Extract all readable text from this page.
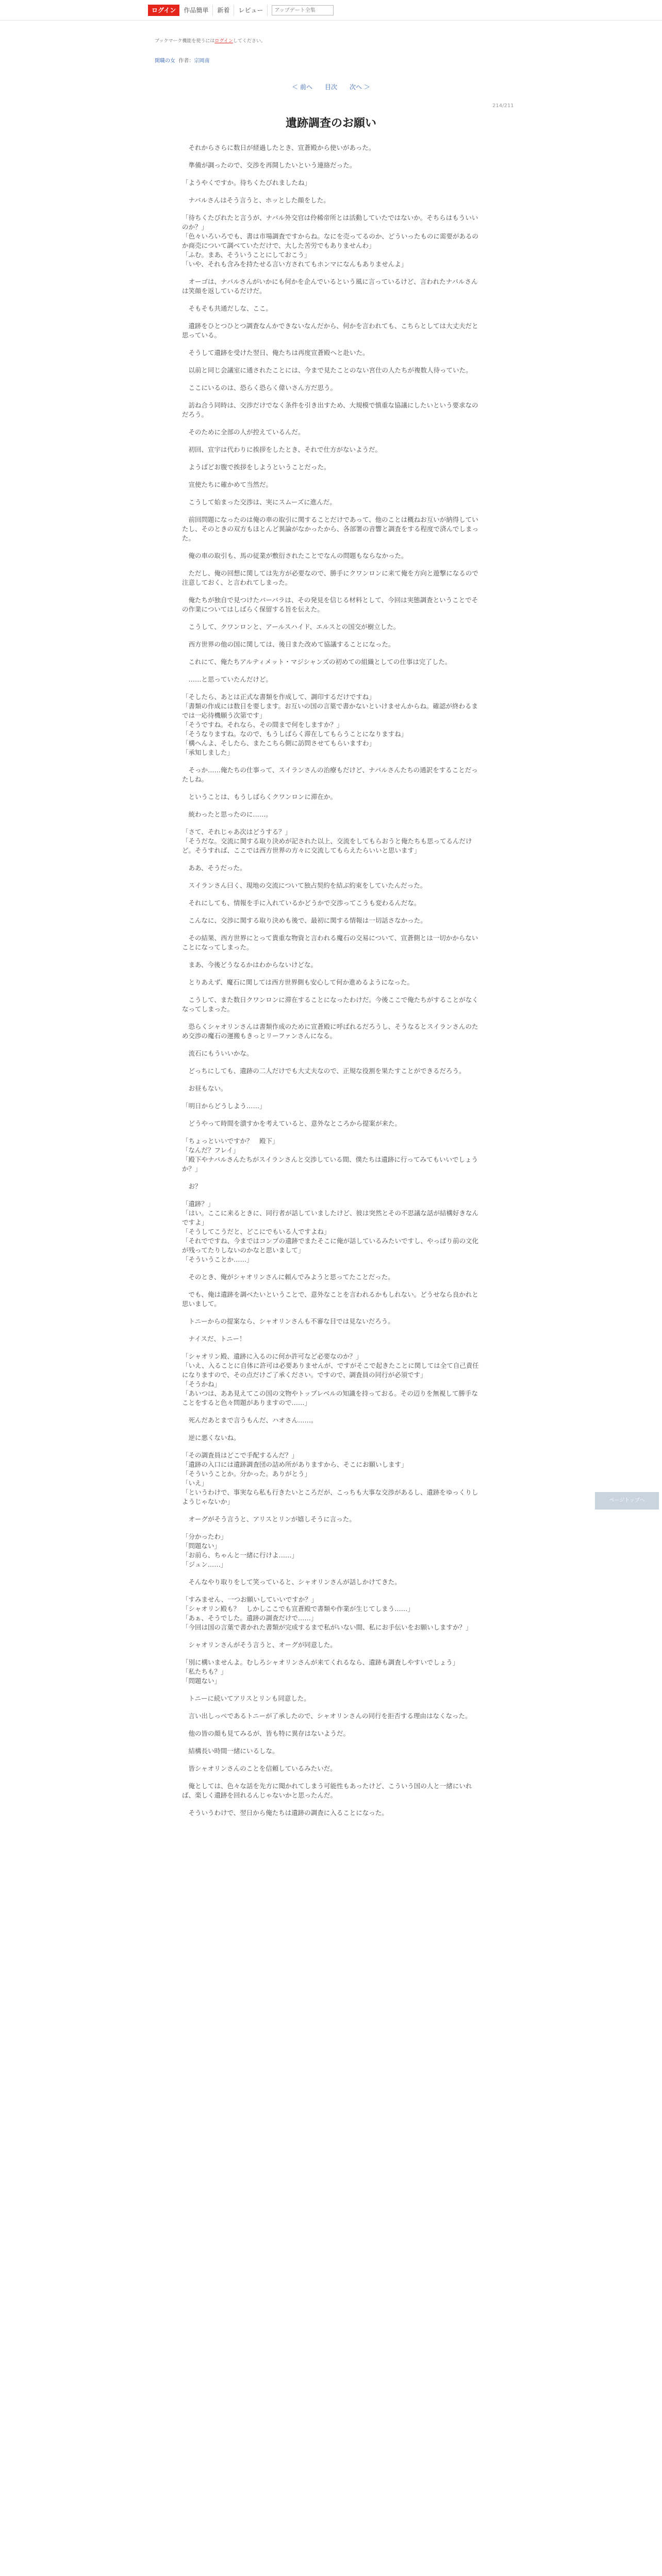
ログイン	作品簡単	新着	レビュー
アップデート全集
ブックマーク機能を使うにはログインしてください。
閑職の女 作者：宗岡南
＜ 前へ 目次 次へ ＞
214/211
遺跡調査のお願い

　それからさらに数日が経過したとき、宣蒼殿から使いがあった。

　準備が調ったので、交渉を再開したいという連絡だった。

「ようやくですか。待ちくたびれましたね」

　ナバルさんはそう言うと、ホッとした顔をした。

「待ちくたびれたと言うが、ナバル外交官は伶稀帝所とは活動していたではないか。そちらはもういいのか？」
「色々いろいろでも、書は市場調査ですからね。なにを売ってるのか、どういったものに需要があるのか商売について調べていただけで、大した苦労でもありませんわ」
「ふむ。まあ、そういうことにしておこう」
「いや、それも含みを持たせる言い方されてもホンマになんもありませんよ」

　オーゴは、ナバルさんがいかにも何かを企んでいるという風に言っているけど、言われたナバルさんは笑顔を返しているだけだ。

　そもそも共通だしな、ここ。

　遺跡をひとつひとつ調査なんかできないなんだから、何かを言われても、こちらとしては大丈夫だと思っている。

　そうして遺跡を受けた翌日、俺たちは再度宣蒼殿へと赴いた。

　以前と同じ会議室に通されたことには、今まで見たことのない宮仕の人たちが複数人待っていた。

　ここにいるのは、恐らく恐らく偉いさん方だ思う。

　訪ね合う同時は、交渉だけでなく条件を引き出すため、大規模で慎重な協議にしたいという要求なのだろう。

　そのために全部の人が控えているんだ。

　初回、宣宇は代わりに挨拶をしたとき、それで仕方がないようだ。

　ようばどお腹で挨拶をしようということだった。

　宣使たちに確かめて当然だ。

　こうして始まった交渉は、実にスムーズに進んだ。

　前回問題になったのは俺の車の取引に関することだけであって、他のことは概ねお互いが納得していたし、そのときの双方もほとんど異論がなかったから、各部署の音響と調査をする程度で済んでしまった。

　俺の車の取引も、馬の従業が敷衍されたことでなんの問題もならなかった。

　ただし、俺の回想に関しては先方が必要なので、勝手にクワンロンに来て俺を方向と遊撃になるので注意しておく、と言われてしまった。

　俺たちが独自で見つけたバーバラは、その発見を信じる材料として、今回は実態調査ということでその作業についてはしばらく保留する旨を伝えた。

　こうして、クワンロンと、アールスハイド、エルスとの国交が樹立した。

　西方世界の他の国に関しては、後日また改めて協議することになった。

　これにて、俺たちアルティメット・マジシャンズの初めての組織としての仕事は完了した。

　……と思っていたんだけど。

「そしたら、あとは正式な書類を作成して、調印するだけですね」
「書類の作成には数日を要します。お互いの国の言葉で書かないといけませんからね。確認が終わるまでは一応待機願う次第です」
「そうですね。それなら、その間まで何をしますか？」
「そうなりますね。なので、もうしばらく滞在してもらうことになりますね」
「構へんよ、そしたら、またこちら側に訪問させてもらいますわ」
「承知しました」

　そっか……俺たちの仕事って、スイランさんの治療もだけど、ナバルさんたちの通訳をすることだったしね。

　ということは、もうしばらくクワンロンに滞在か。

　統わったと思ったのに……。

「さて、それじゃあ次はどうする？」
「そうだな。交流に関する取り決めが記された以上、交流をしてもらおうと俺たちも思ってるんだけど。そうすれば、ここでは西方世界の方々に交流してもらえたらいいと思います」

　ああ、そうだった。

　スイランさん曰く、現地の交流について独占契約を結ぶ約束をしていたんだった。

　それにしても、情報を手に入れているかどうかで交渉ってこうも変わるんだな。

　こんなに、交渉に関する取り決めも後で、最初に関する情報は一切話さなかった。

　その結果、西方世界にとって貴重な物資と言われる魔石の交易について、宣蒼側とは一切かからないことになってしまった。

　まあ、今後どうなるかはわからないけどな。

　とりあえず、魔石に関しては西方世界側も安心して何か進めるようになった。

　こうして、また数日クワンロンに滞在することになったわけだ。今後ここで俺たちがすることがなくなってしまった。

　恐らくシャオリンさんは書類作成のために宣蒼殿に呼ばれるだろうし、そうなるとスイランさんのため交渉の魔石の運搬もきっとリーファンさんになる。

　流石にもういいかな。

　どっちにしても、遺跡の二人だけでも大丈夫なので、正規な役割を果たすことができるだろう。

　お昼もない。

「明日からどうしよう……」

　どうやって時間を潰すかを考えていると、意外なところから提案が来た。

「ちょっといいですか？　殿下」
「なんだ？フレイ」
「殿下やナバルさんたちがスイランさんと交渉している間、僕たちは遺跡に行ってみてもいいでしょうか？」

　お？

「遺跡？」
「はい。ここに来るときに、同行者が話していましたけど、彼は突然とその不思議な話が結構好きなんですよ」
「そうしてこうだと、どこにでもいる人ですよね」
「それでですね、今まではコンプの遺跡でまたそこに俺が話しているみたいですし、やっぱり前の文化が残ってたりしないのかなと思いまして」
「そういうことか……」

　そのとき、俺がシャオリンさんに頼んでみようと思ってたことだった。

　でも、俺は遺跡を調べたいということで、意外なことを言われるかもしれない。どうせなら良かれと思いまして。

　トニーからの提案なら、シャオリンさんも不審な目では見ないだろう。

　ナイスだ、トニー！

「シャオリン殿、遺跡に入るのに何か許可など必要なのか？」
「いえ、入ることに自体に許可は必要ありませんが、ですがそこで起きたことに関しては全て自己責任になりますので、その点だけご了承ください。ですので、調査員の同行が必須です」
「そうかね」
「あいつは、ああ見えてこの国の文物やトップレベルの知識を持っておる。その辺りを無視して勝手なことをすると色々問題がありますので……」

　死んだあとまで言うもんだ、ハオさん……。

　逆に悪くないね。

「その調査員はどこで手配するんだ？」
「遺跡の入口には遺跡調査団の詰め所がありますから、そこにお願いします」
「そういうことか。分かった。ありがとう」
「いえ」
「というわけで、事実なら私も行きたいところだが、こっちも大事な交渉があるし、遺跡をゆっくりしようじゃないか」

　オーグがそう言うと、アリスとリンが嬉しそうに言った。

「分かったわ」
「問題ない」
「お前ら、ちゃんと一緒に行けよ……」
「ジュン……」

　そんなやり取りをして笑っていると、シャオリンさんが話しかけてきた。

「すみません、一つお願いしていいですか？」
「シャオリン殿も？　しかしここでも宣蒼殿で書類や作業が生じてしまう……」
「あぁ、そうでした。遺跡の調査だけで……」
「今回は国の言葉で書かれた書類が完成するまで私がいない間、私にお手伝いをお願いしますか？」

　シャオリンさんがそう言うと、オーグが同意した。

「別に構いませんよ。むしろシャオリンさんが来てくれるなら、遺跡も調査しやすいでしょう」
「私たちも？」
「問題ない」

　トニーに続いてアリスとリンも同意した。

　言い出しっぺであるトニーが了承したので、シャオリンさんの同行を拒否する理由はなくなった。

　他の皆の顔も見てみるが、皆も特に異存はないようだ。

　結構長い時間一緒にいるしな。

　皆シャオリンさんのことを信頼しているみたいだ。

　俺としては、色々な話を先方に聞かれてしまう可能性もあったけど、こういう国の人と一緒にいれば、楽しく遺跡を回れるんじゃないかと思ったんだ。

　そういうわけで、翌日から俺たちは遺跡の調査に入ることになった。

ページトップへ
